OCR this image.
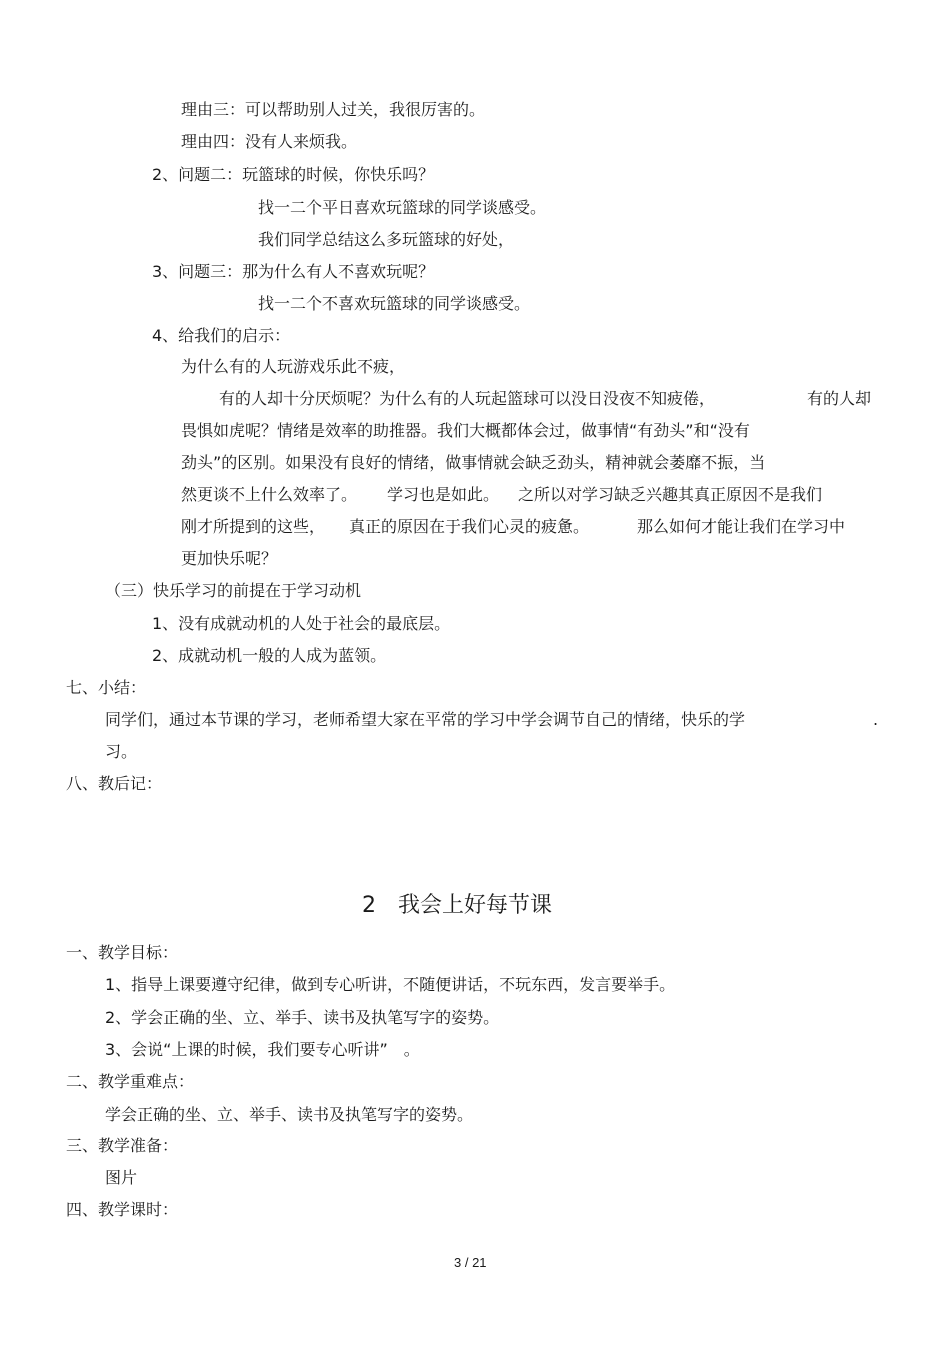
理由三：可以帮助别人过关，我很厉害的。
理由四：没有人来烦我。
2、问题二：玩篮球的时候，你快乐吗？
找一二个平日喜欢玩篮球的同学谈感受。
我们同学总结这么多玩篮球的好处，
3、问题三：那为什么有人不喜欢玩呢？
找一二个不喜欢玩篮球的同学谈感受。
4、给我们的启示：
为什么有的人玩游戏乐此不疲，
有的人却十分厌烦呢？为什么有的人玩起篮球可以没日没夜不知疲倦，	有的人却
畏惧如虎呢？情绪是效率的助推器。我们大概都体会过，做事情“有劲头”和“没有
劲头”的区别。如果没有良好的情绪，做事情就会缺乏劲头，精神就会萎靡不振，当
然更谈不上什么效率了。 学习也是如此。 之所以对学习缺乏兴趣其真正原因不是我们
刚才所提到的这些， 真正的原因在于我们心灵的疲惫。	那么如何才能让我们在学习中
更加快乐呢？
（三）快乐学习的前提在于学习动机
1、没有成就动机的人处于社会的最底层。
2、成就动机一般的人成为蓝领。
七、小结：
同学们，通过本节课的学习，老师希望大家在平常的学习中学会调节自己的情绪，快乐的学	.
习。
八、教后记：
2　我会上好每节课
一、教学目标：
1、指导上课要遵守纪律，做到专心听讲，不随便讲话，不玩东西，发言要举手。
2、学会正确的坐、立、举手、读书及执笔写字的姿势。
3、会说“上课的时候，我们要专心听讲”　。
二、教学重难点：
学会正确的坐、立、举手、读书及执笔写字的姿势。
三、教学准备：
图片
四、教学课时：
3 / 21
